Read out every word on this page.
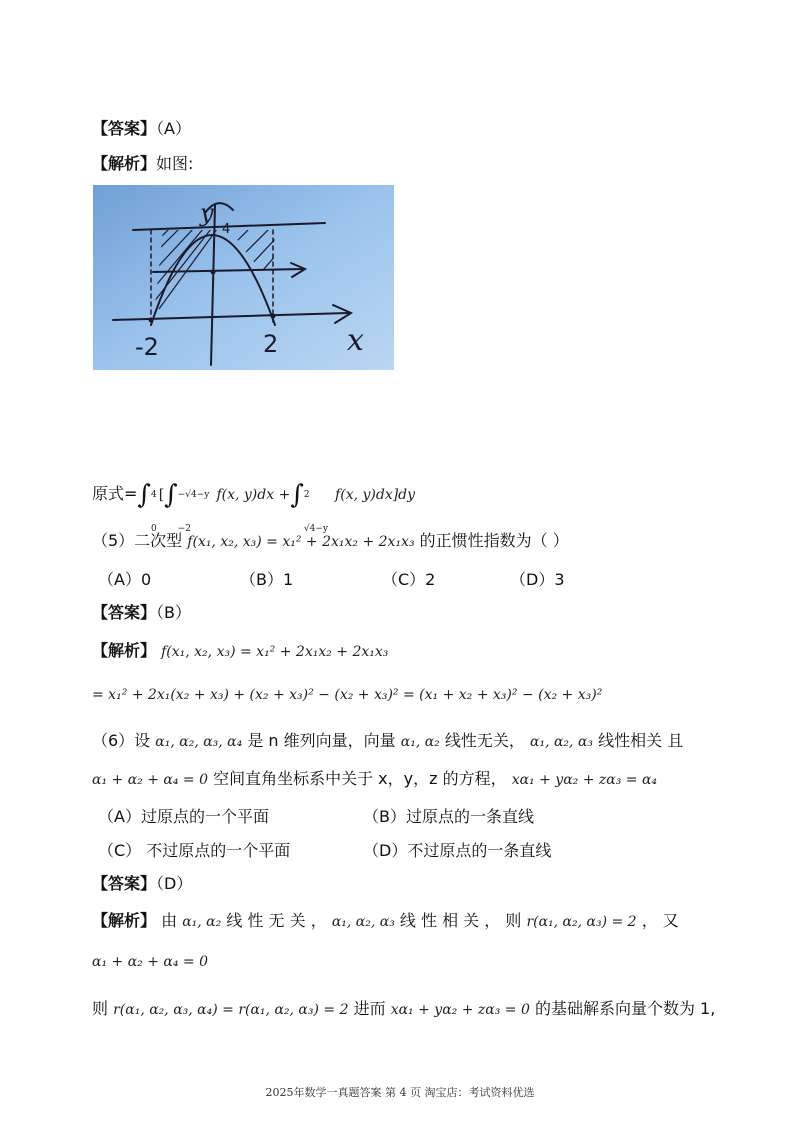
【答案】（A）
【解析】如图:
y
4
x
-2	2
原式=∫ 4
0
[∫ −√4−y
−2
f(x, y)dx +∫ 2
√4−y
f(x, y)dx]dy
（5）二次型 f(x₁, x₂, x₃) = x₁² + 2x₁x₂ + 2x₁x₃ 的正惯性指数为（ ）
（A）0	（B）1	（C）2	（D）3
【答案】（B）
【解析】 f(x₁, x₂, x₃) = x₁² + 2x₁x₂ + 2x₁x₃
= x₁² + 2x₁(x₂ + x₃) + (x₂ + x₃)² − (x₂ + x₃)² = (x₁ + x₂ + x₃)² − (x₂ + x₃)²
（6）设 α₁, α₂, α₃, α₄ 是 n 维列向量，向量 α₁, α₂ 线性无关， α₁, α₂, α₃ 线性相关 且
α₁ + α₂ + α₄ = 0 空间直角坐标系中关于 x，y，z 的方程， xα₁ + yα₂ + zα₃ = α₄
（A）过原点的一个平面	（B）过原点的一条直线
（C） 不过原点的一个平面	（D）不过原点的一条直线
【答案】（D）
【解析】 由 α₁, α₂ 线 性 无 关 ， α₁, α₂, α₃ 线 性 相 关 ， 则 r(α₁, α₂, α₃) = 2 ， 又
α₁ + α₂ + α₄ = 0
则 r(α₁, α₂, α₃, α₄) = r(α₁, α₂, α₃) = 2 进而 xα₁ + yα₂ + zα₃ = 0 的基础解系向量个数为 1,
2025年数学一真题答案 第 4 页 淘宝店：考试资料优选
